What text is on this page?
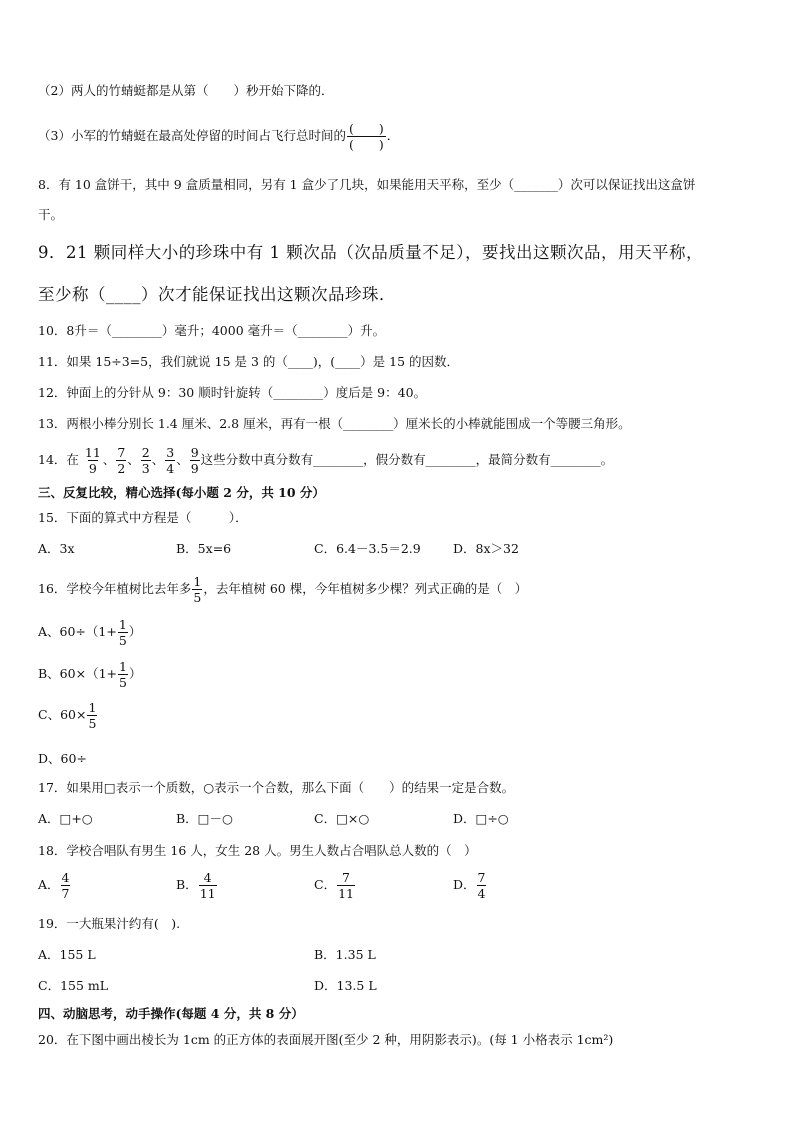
（2）两人的竹蜻蜓都是从第（　　）秒开始下降的．
（3）小军的竹蜻蜓在最高处停留的时间占飞行总时间的 $\frac{( )}{( )}$ ．
8．有 10 盒饼干，其中 9 盒质量相同，另有 1 盒少了几块，如果能用天平称，至少（_______）次可以保证找出这盒饼
干。
9．21 颗同样大小的珍珠中有 1 颗次品（次品质量不足），要找出这颗次品，用天平称，
至少称（____）次才能保证找出这颗次品珍珠．
10．8升＝（________）毫升；4000 毫升＝（________）升。
11．如果 15÷3=5，我们就说 15 是 3 的（____)，(____）是 15 的因数．
12．钟面上的分针从 9：30 顺时针旋转（________）度后是 9：40。
13．两根小棒分别长 1.4 厘米、2.8 厘米，再有一根（________）厘米长的小棒就能围成一个等腰三角形。
14．在 $\frac{11}{9}$ 、 $\frac{7}{2}$ 、 $\frac{2}{3}$ 、 $\frac{3}{4}$ 、 $\frac{9}{9}$ 这些分数中真分数有________，假分数有________，最简分数有________。
三、反复比较，精心选择(每小题 2 分，共 10 分）
15．下面的算式中方程是（　　　）．
A．3x	B．5x=6	C．6.4－3.5＝2.9	D．8x＞32
16．学校今年植树比去年多 $\frac{1}{5}$ ，去年植树 60 棵，今年植树多少棵？列式正确的是（　）
A、$60\div(1+ \frac{1}{5}$ ）
B、$60\times(1+ \frac{1}{5}$ ）
C、$60\times \frac{1}{5}$
D、60÷
17．如果用□表示一个质数，○表示一个合数，那么下面（　　）的结果一定是合数。
A．□+○	B．□－○	C．□×○	D．□÷○
18．学校合唱队有男生 16 人，女生 28 人。男生人数占合唱队总人数的（　）
A． $\frac{4}{7}$	B． $\frac{4}{11}$	C． $\frac{7}{11}$	D． $\frac{7}{4}$
19．一大瓶果汁约有(　).
A．155 L	B．1.35 L
C．155 mL	D．13.5 L
四、动脑思考，动手操作(每题 4 分，共 8 分）
20．在下图中画出棱长为 1cm 的正方体的表面展开图(至少 2 种，用阴影表示)。(每 1 小格表示 1cm²)
